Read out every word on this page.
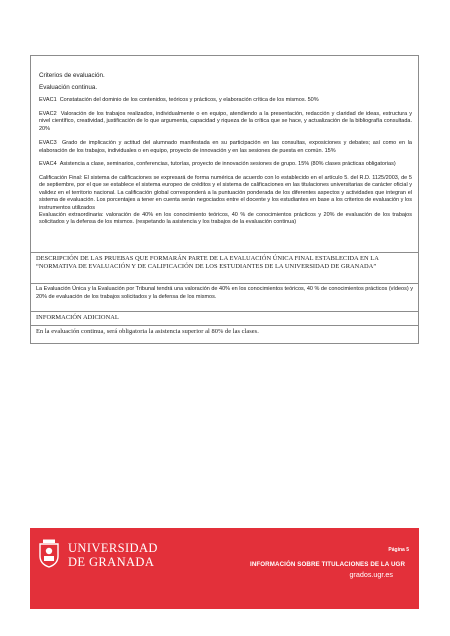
Criterios de evaluación.

Evaluación continua.

EVAC1 Constatación del dominio de los contenidos, teóricos y prácticos, y elaboración crítica de los mismos. 50%

EVAC2 Valoración de los trabajos realizados, individualmente o en equipo, atendiendo a la presentación, redacción y claridad de ideas, estructura y nivel científico, creatividad, justificación de lo que argumenta, capacidad y riqueza de la crítica que se hace, y actualización de la bibliografía consultada. 20%

EVAC3 Grado de implicación y actitud del alumnado manifestada en su participación en las consultas, exposiciones y debates; así como en la elaboración de los trabajos, individuales o en equipo, proyecto de innovación y en las sesiones de puesta en común. 15%

EVAC4 Asistencia a clase, seminarios, conferencias, tutorías, proyecto de innovación sesiones de grupo. 15% (80% clases prácticas obligatorias)

Calificación Final: El sistema de calificaciones se expresará de forma numérica de acuerdo con lo establecido en el artículo 5. del R.D. 1125/2003, de 5 de septiembre, por el que se establece el sistema europeo de créditos y el sistema de calificaciones en las titulaciones universitarias de carácter oficial y validez en el territorio nacional. La calificación global corresponderá a la puntuación ponderada de los diferentes aspectos y actividades que integran el sistema de evaluación. Los porcentajes a tener en cuenta serán negociados entre el docente y los estudiantes en base a los criterios de evaluación y los instrumentos utilizados

Evaluación extraordinaria: valoración de 40% en los conocimiento teóricos, 40 % de conocimientos prácticos y 20% de evaluación de los trabajos solicitados y la defensa de los mismos. (respetando la asistencia y los trabajos de la evaluación continua)

DESCRIPCIÓN DE LAS PRUEBAS QUE FORMARÁN PARTE DE LA EVALUACIÓN ÚNICA FINAL ESTABLECIDA EN LA “NORMATIVA DE EVALUACIÓN Y DE CALIFICACIÓN DE LOS ESTUDIANTES DE LA UNIVERSIDAD DE GRANADA”
La Evaluación Única y la Evaluación por Tribunal tendrá una valoración de 40% en los conocimientos teóricos, 40 % de conocimientos prácticos (vídeos) y 20% de evaluación de los trabajos solicitados y la defensa de los mismos.
INFORMACIÓN ADICIONAL
En la evaluación continua, será obligatoria la asistencia superior al 80% de las clases.
UNIVERSIDAD
DE GRANADA
Página 5
INFORMACIÓN SOBRE TITULACIONES DE LA UGR
grados.ugr.es
